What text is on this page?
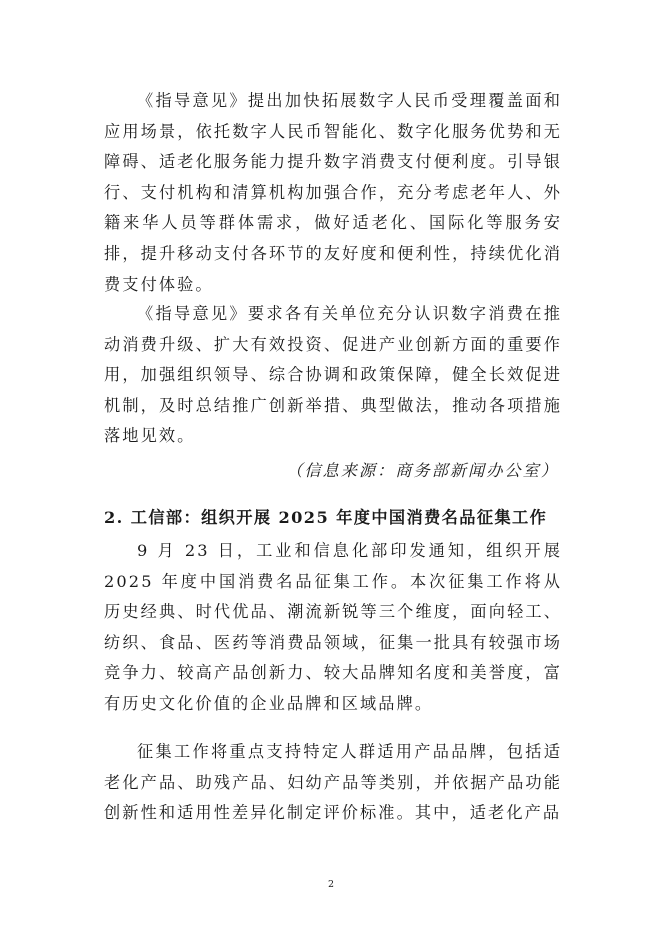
《指导意见》提出加快拓展数字人民币受理覆盖面和应用场景，依托数字人民币智能化、数字化服务优势和无障碍、适老化服务能力提升数字消费支付便利度。引导银行、支付机构和清算机构加强合作，充分考虑老年人、外籍来华人员等群体需求，做好适老化、国际化等服务安排，提升移动支付各环节的友好度和便利性，持续优化消费支付体验。

《指导意见》要求各有关单位充分认识数字消费在推动消费升级、扩大有效投资、促进产业创新方面的重要作用，加强组织领导、综合协调和政策保障，健全长效促进机制，及时总结推广创新举措、典型做法，推动各项措施落地见效。

（信息来源：商务部新闻办公室）

2. 工信部：组织开展 2025 年度中国消费名品征集工作

9 月 23 日，工业和信息化部印发通知，组织开展 2025 年度中国消费名品征集工作。本次征集工作将从历史经典、时代优品、潮流新锐等三个维度，面向轻工、纺织、食品、医药等消费品领域，征集一批具有较强市场竞争力、较高产品创新力、较大品牌知名度和美誉度，富有历史文化价值的企业品牌和区域品牌。

征集工作将重点支持特定人群适用产品品牌，包括适老化产品、助残产品、妇幼产品等类别，并依据产品功能创新性和适用性差异化制定评价标准。其中，适老化产品

2
